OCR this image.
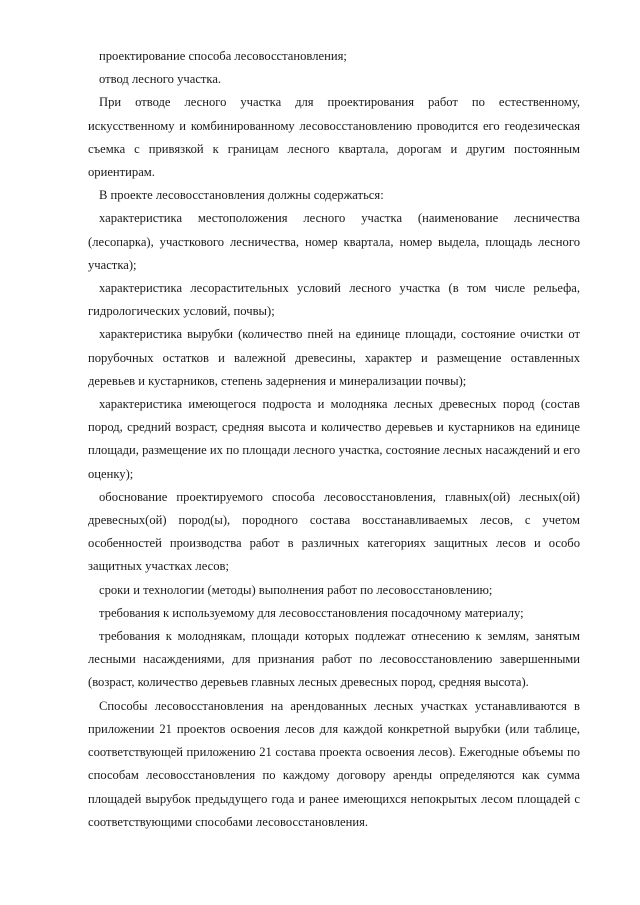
проектирование способа лесовосстановления;

отвод лесного участка.

При отводе лесного участка для проектирования работ по естественному, искусственному и комбинированному лесовосстановлению проводится его геодезическая съемка с привязкой к границам лесного квартала, дорогам и другим постоянным ориентирам.

В проекте лесовосстановления должны содержаться:

характеристика местоположения лесного участка (наименование лесничества (лесопарка), участкового лесничества, номер квартала, номер выдела, площадь лесного участка);

характеристика лесорастительных условий лесного участка (в том числе рельефа, гидрологических условий, почвы);

характеристика вырубки (количество пней на единице площади, состояние очистки от порубочных остатков и валежной древесины, характер и размещение оставленных деревьев и кустарников, степень задернения и минерализации почвы);

характеристика имеющегося подроста и молодняка лесных древесных пород (состав пород, средний возраст, средняя высота и количество деревьев и кустарников на единице площади, размещение их по площади лесного участка, состояние лесных насаждений и его оценку);

обоснование проектируемого способа лесовосстановления, главных(ой) лесных(ой) древесных(ой) пород(ы), породного состава восстанавливаемых лесов, с учетом особенностей производства работ в различных категориях защитных лесов и особо защитных участках лесов;

сроки и технологии (методы) выполнения работ по лесовосстановлению;

требования к используемому для лесовосстановления посадочному материалу;

требования к молоднякам, площади которых подлежат отнесению к землям, занятым лесными насаждениями, для признания работ по лесовосстановлению завершенными (возраст, количество деревьев главных лесных древесных пород, средняя высота).

Способы лесовосстановления на арендованных лесных участках устанавливаются в приложении 21 проектов освоения лесов для каждой конкретной вырубки (или таблице, соответствующей приложению 21 состава проекта освоения лесов). Ежегодные объемы по способам лесовосстановления по каждому договору аренды определяются как сумма площадей вырубок предыдущего года и ранее имеющихся непокрытых лесом площадей с соответствующими способами лесовосстановления.
